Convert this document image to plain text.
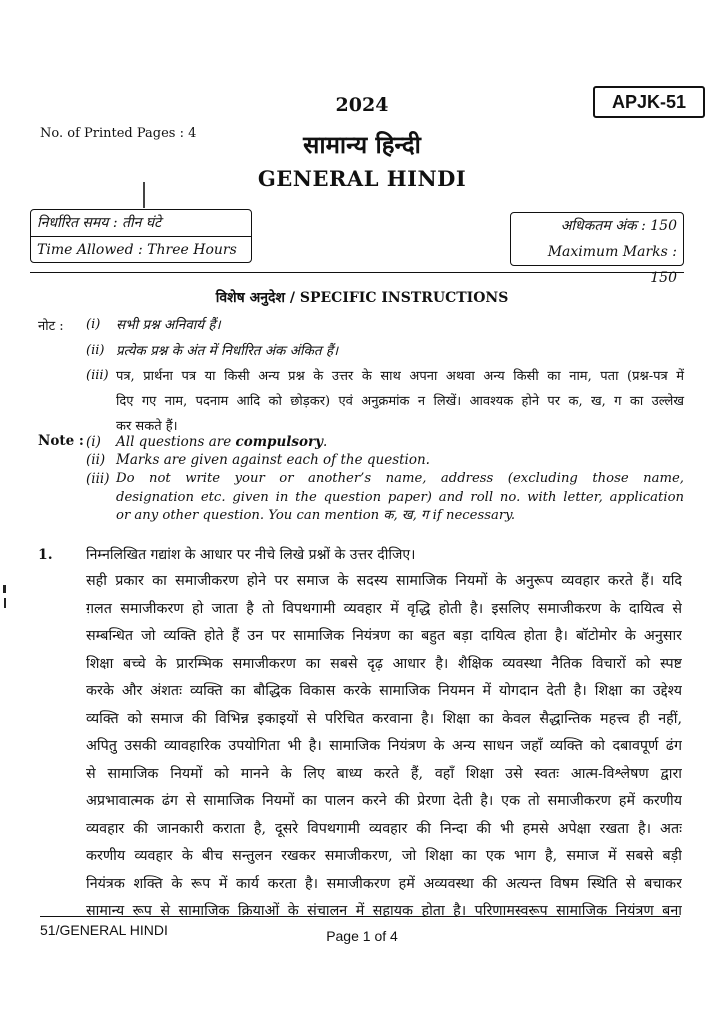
2024	APJK-51
No. of Printed Pages : 4	सामान्य हिन्दी
GENERAL HINDI
निर्धारित समय : तीन घंटे
Time Allowed : Three Hours
अधिकतम अंक : 150
Maximum Marks : 150
विशेष अनुदेश / SPECIFIC INSTRUCTIONS
नोट : (i) सभी प्रश्न अनिवार्य हैं।
(ii) प्रत्येक प्रश्न के अंत में निर्धारित अंक अंकित हैं।
(iii) पत्र, प्रार्थना पत्र या किसी अन्य प्रश्न के उत्तर के साथ अपना अथवा अन्य किसी का नाम, पता (प्रश्न-पत्र में
दिए गए नाम, पदनाम आदि को छोड़कर) एवं अनुक्रमांक न लिखें। आवश्यक होने पर क, ख, ग का उल्लेख
कर सकते हैं।
Note : (i) All questions are compulsory.
(ii) Marks are given against each of the question.
(iii) Do not write your or another’s name, address (excluding those name,
designation etc. given in the question paper) and roll no. with letter, application
or any other question. You can mention क, ख, ग if necessary.
1. निम्नलिखित गद्यांश के आधार पर नीचे लिखे प्रश्नों के उत्तर दीजिए।
सही प्रकार का समाजीकरण होने पर समाज के सदस्य सामाजिक नियमों के अनुरूप व्यवहार करते हैं। यदि
ग़लत समाजीकरण हो जाता है तो विपथगामी व्यवहार में वृद्धि होती है। इसलिए समाजीकरण के दायित्व से
सम्बन्धित जो व्यक्ति होते हैं उन पर सामाजिक नियंत्रण का बहुत बड़ा दायित्व होता है। बॉटोमोर के अनुसार
शिक्षा बच्चे के प्रारम्भिक समाजीकरण का सबसे दृढ़ आधार है। शैक्षिक व्यवस्था नैतिक विचारों को स्पष्ट
करके और अंशतः व्यक्ति का बौद्धिक विकास करके सामाजिक नियमन में योगदान देती है। शिक्षा का उद्देश्य
व्यक्ति को समाज की विभिन्न इकाइयों से परिचित करवाना है। शिक्षा का केवल सैद्धान्तिक महत्त्व ही नहीं,
अपितु उसकी व्यावहारिक उपयोगिता भी है। सामाजिक नियंत्रण के अन्य साधन जहाँ व्यक्ति को दबावपूर्ण ढंग
से सामाजिक नियमों को मानने के लिए बाध्य करते हैं, वहाँ शिक्षा उसे स्वतः आत्म-विश्लेषण द्वारा
अप्रभावात्मक ढंग से सामाजिक नियमों का पालन करने की प्रेरणा देती है। एक तो समाजीकरण हमें करणीय
व्यवहार की जानकारी कराता है, दूसरे विपथगामी व्यवहार की निन्दा की भी हमसे अपेक्षा रखता है। अतः
करणीय व्यवहार के बीच सन्तुलन रखकर समाजीकरण, जो शिक्षा का एक भाग है, समाज में सबसे बड़ी
नियंत्रक शक्ति के रूप में कार्य करता है। समाजीकरण हमें अव्यवस्था की अत्यन्त विषम स्थिति से बचाकर
सामान्य रूप से सामाजिक क्रियाओं के संचालन में सहायक होता है। परिणामस्वरूप सामाजिक नियंत्रण बना
51/GENERAL HINDI	Page 1 of 4
